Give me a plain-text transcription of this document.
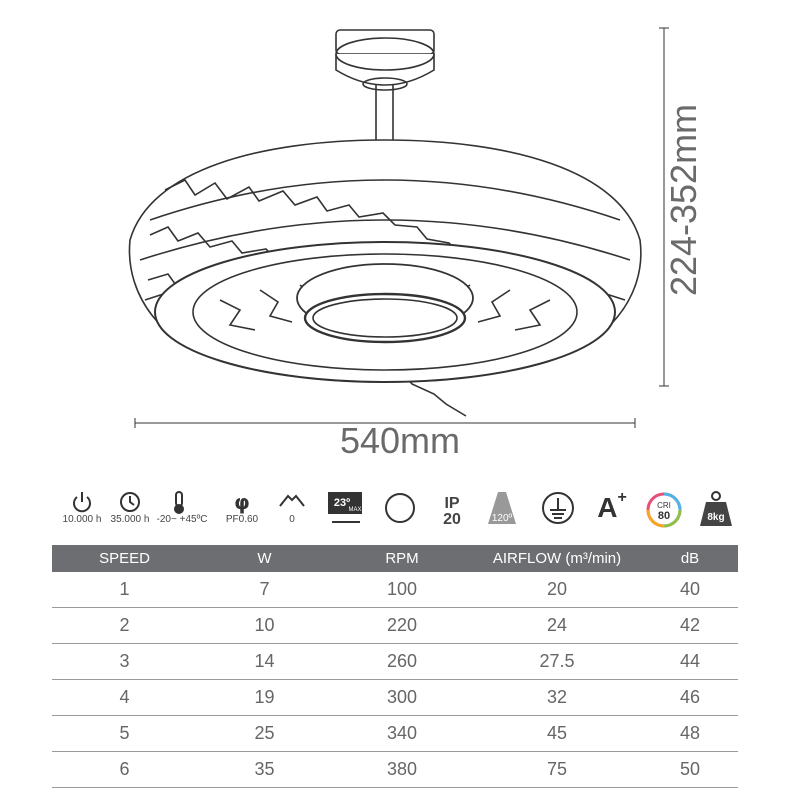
540mm
224-352mm
10.000 h 35.000 h -20~ +45ºC
φ
PF0.60	0
23º
MAX	IP
20	120º	A+	CRI
80	8kg
SPEED	W	RPM	AIRFLOW (m³/min)	dB
1	7	100	20	40
2	10	220	24	42
3	14	260	27.5	44
4	19	300	32	46
5	25	340	45	48
6	35	380	75	50
